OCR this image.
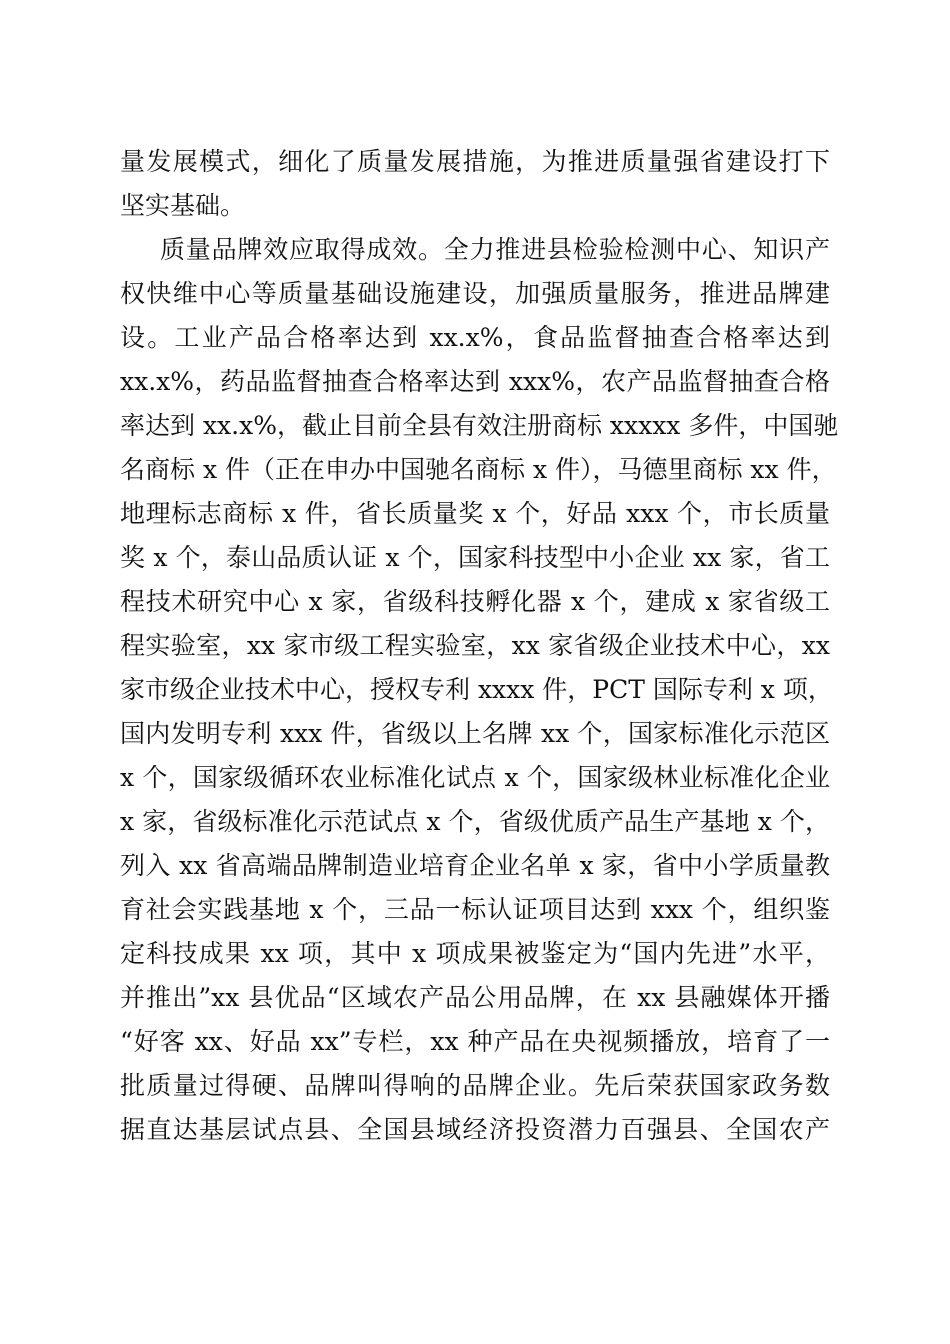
量发展模式，细化了质量发展措施，为推进质量强省建设打下
坚实基础。
质量品牌效应取得成效。全力推进县检验检测中心、知识产
权快维中心等质量基础设施建设，加强质量服务，推进品牌建
设。工业产品合格率达到 xx.x%，食品监督抽查合格率达到
xx.x%，药品监督抽查合格率达到 xxx%，农产品监督抽查合格
率达到 xx.x%，截止目前全县有效注册商标 xxxxx 多件，中国驰
名商标 x 件（正在申办中国驰名商标 x 件），马德里商标 xx 件，
地理标志商标 x 件，省长质量奖 x 个，好品 xxx 个，市长质量
奖 x 个，泰山品质认证 x 个，国家科技型中小企业 xx 家，省工
程技术研究中心 x 家，省级科技孵化器 x 个，建成 x 家省级工
程实验室，xx 家市级工程实验室，xx 家省级企业技术中心，xx
家市级企业技术中心，授权专利 xxxx 件，PCT 国际专利 x 项，
国内发明专利 xxx 件，省级以上名牌 xx 个，国家标准化示范区
x 个，国家级循环农业标准化试点 x 个，国家级林业标准化企业
x 家，省级标准化示范试点 x 个，省级优质产品生产基地 x 个，
列入 xx 省高端品牌制造业培育企业名单 x 家，省中小学质量教
育社会实践基地 x 个，三品一标认证项目达到 xxx 个，组织鉴
定科技成果 xx 项，其中 x 项成果被鉴定为“国内先进”水平，
并推出”xx 县优品“区域农产品公用品牌，在 xx 县融媒体开播
“好客 xx、好品 xx”专栏，xx 种产品在央视频播放，培育了一
批质量过得硬、品牌叫得响的品牌企业。先后荣获国家政务数
据直达基层试点县、全国县域经济投资潜力百强县、全国农产
